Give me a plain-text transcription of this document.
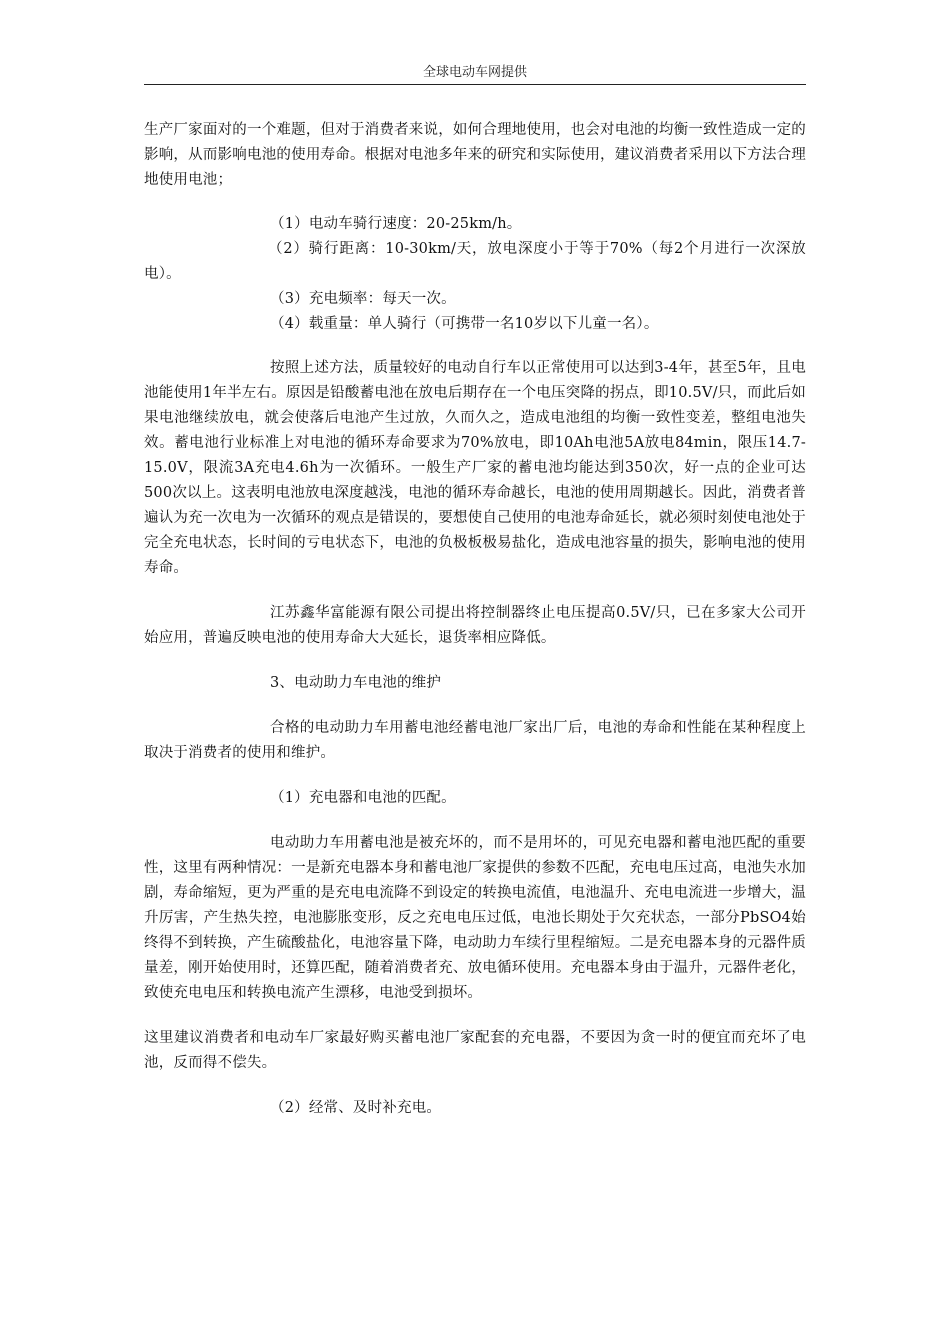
全球电动车网提供

生产厂家面对的一个难题，但对于消费者来说，如何合理地使用，也会对电池的均衡一致性造成一定的影响，从而影响电池的使用寿命。根据对电池多年来的研究和实际使用，建议消费者采用以下方法合理地使用电池；

（1）电动车骑行速度：20-25km/h。

（2）骑行距离：10-30km/天，放电深度小于等于70%（每2个月进行一次深放电）。

（3）充电频率：每天一次。

（4）载重量：单人骑行（可携带一名10岁以下儿童一名）。

按照上述方法，质量较好的电动自行车以正常使用可以达到3-4年，甚至5年，且电池能使用1年半左右。原因是铅酸蓄电池在放电后期存在一个电压突降的拐点，即10.5V/只，而此后如果电池继续放电，就会使落后电池产生过放，久而久之，造成电池组的均衡一致性变差，整组电池失效。蓄电池行业标准上对电池的循环寿命要求为70%放电，即10Ah电池5A放电84min，限压14.7-15.0V，限流3A充电4.6h为一次循环。一般生产厂家的蓄电池均能达到350次，好一点的企业可达500次以上。这表明电池放电深度越浅，电池的循环寿命越长，电池的使用周期越长。因此，消费者普遍认为充一次电为一次循环的观点是错误的，要想使自己使用的电池寿命延长，就必须时刻使电池处于完全充电状态，长时间的亏电状态下，电池的负极板极易盐化，造成电池容量的损失，影响电池的使用寿命。

江苏鑫华富能源有限公司提出将控制器终止电压提高0.5V/只，已在多家大公司开始应用，普遍反映电池的使用寿命大大延长，退货率相应降低。

3、电动助力车电池的维护

合格的电动助力车用蓄电池经蓄电池厂家出厂后，电池的寿命和性能在某种程度上取决于消费者的使用和维护。

（1）充电器和电池的匹配。

电动助力车用蓄电池是被充坏的，而不是用坏的，可见充电器和蓄电池匹配的重要性，这里有两种情况：一是新充电器本身和蓄电池厂家提供的参数不匹配，充电电压过高，电池失水加剧，寿命缩短，更为严重的是充电电流降不到设定的转换电流值，电池温升、充电电流进一步增大，温升厉害，产生热失控，电池膨胀变形，反之充电电压过低，电池长期处于欠充状态，一部分PbSO4始终得不到转换，产生硫酸盐化，电池容量下降，电动助力车续行里程缩短。二是充电器本身的元器件质量差，刚开始使用时，还算匹配，随着消费者充、放电循环使用。充电器本身由于温升，元器件老化，致使充电电压和转换电流产生漂移，电池受到损坏。

这里建议消费者和电动车厂家最好购买蓄电池厂家配套的充电器，不要因为贪一时的便宜而充坏了电池，反而得不偿失。

（2）经常、及时补充电。
